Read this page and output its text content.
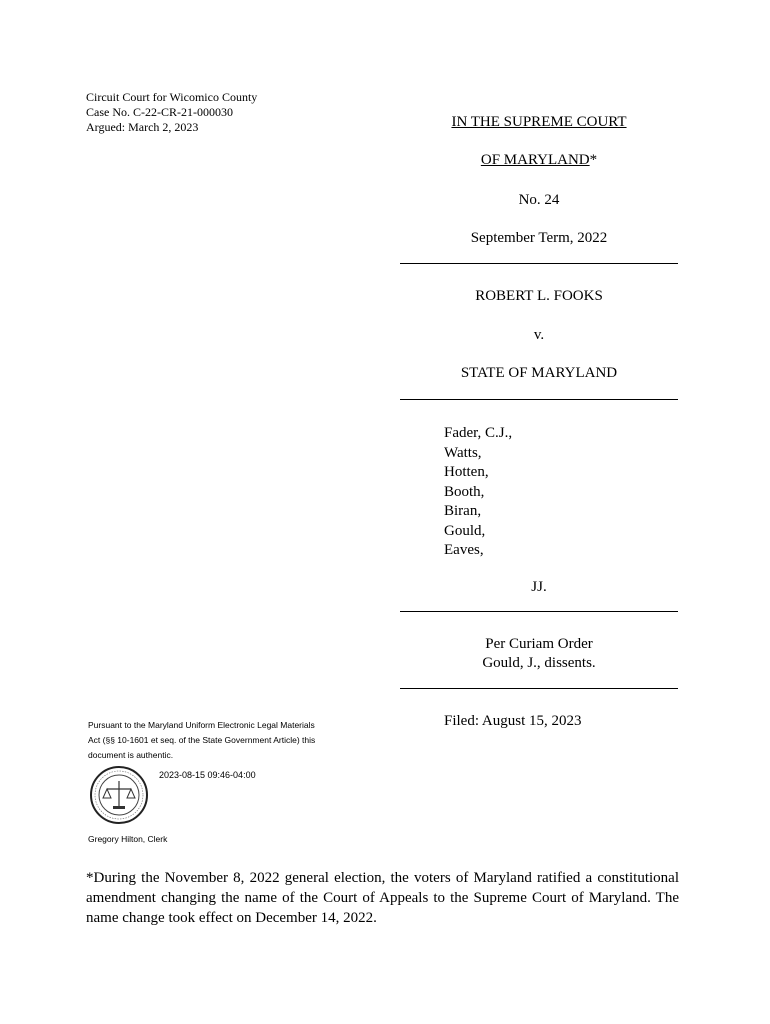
Circuit Court for Wicomico County
Case No. C-22-CR-21-000030
Argued: March 2, 2023	IN THE SUPREME COURT
OF MARYLAND*
No. 24
September Term, 2022
ROBERT L. FOOKS
v.
STATE OF MARYLAND
Fader, C.J.,
Watts,
Hotten,
Booth,
Biran,
Gould,
Eaves,
JJ.
Per Curiam Order
Gould, J., dissents.
Filed: August 15, 2023
Pursuant to the Maryland Uniform Electronic Legal Materials
Act (§§ 10-1601 et seq. of the State Government Article) this
document is authentic.
2023-08-15 09:46-04:00
Gregory Hilton, Clerk
*During the November 8, 2022 general election, the voters of Maryland ratified a constitutional amendment changing the name of the Court of Appeals to the Supreme Court of Maryland. The name change took effect on December 14, 2022.
